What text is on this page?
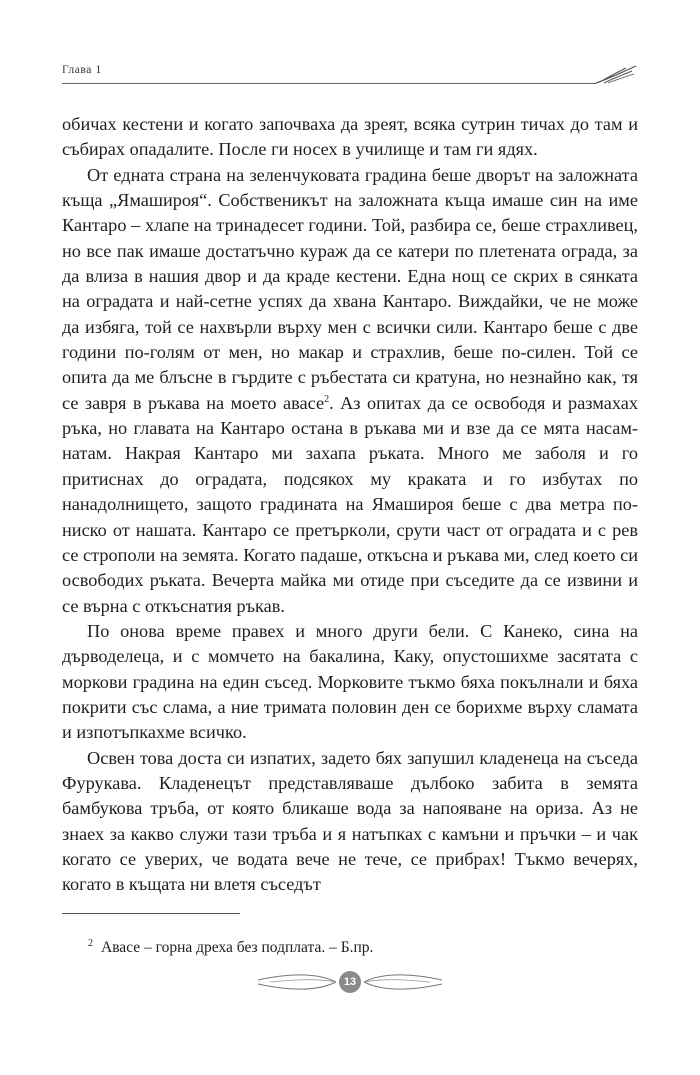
Глава 1

обичах кестени и когато започваха да зреят, всяка сутрин тичах до там и събирах опадалите. После ги носех в училище и там ги ядях.

От едната страна на зеленчуковата градина беше дворът на заложната къща „Ямашироя“. Собственикът на заложната къща имаше син на име Кантаро – хлапе на тринадесет години. Той, разбира се, беше страхливец, но все пак имаше достатъчно кураж да се катери по плетената ограда, за да влиза в нашия двор и да краде кестени. Една нощ се скрих в сянката на оградата и най-сетне успях да хвана Кантаро. Виждайки, че не може да избяга, той се нахвърли върху мен с всички сили. Кантаро беше с две години по-голям от мен, но макар и страхлив, беше по-силен. Той се опита да ме блъсне в гърдите с ръбестата си кратуна, но незнайно как, тя се завря в ръкава на моето авасе$^2$. Аз опитах да се освободя и размахах ръка, но главата на Кантаро остана в ръкава ми и взе да се мята насам-натам. Накрая Кантаро ми захапа ръката. Много ме заболя и го притиснах до оградата, подсякох му краката и го избутах по нанадолнището, защото градината на Ямашироя беше с два метра по-ниско от нашата. Кантаро се претъркoли, срути част от оградата и с рев се строполи на земята. Когато падаше, откъсна и ръкава ми, след което си освободих ръката. Вечерта майка ми отиде при съседите да се извини и се върна с откъснатия ръкав.

По онова време правех и много други бели. С Канеко, сина на дърводелеца, и с момчето на бакалина, Каку, опустошихме засятата с моркови градина на един съсед. Морковите тъкмо бяха покълнали и бяха покрити със слама, а ние тримата половин ден се борихме върху сламата и изпотъпкахме всичко.

Освен това доста си изпатих, задето бях запушил кладенеца на съседа Фурукава. Кладенецът представляваше дълбоко забита в земята бамбукова тръба, от която бликаше вода за напояване на ориза. Аз не знаех за какво служи тази тръба и я натъпках с камъни и пръчки – и чак когато се уверих, че водата вече не тече, се прибрах! Тъкмо вечерях, когато в къщата ни влетя съседът

$^2$ Авасе – горна дреха без подплата. – Б.пр.
13
